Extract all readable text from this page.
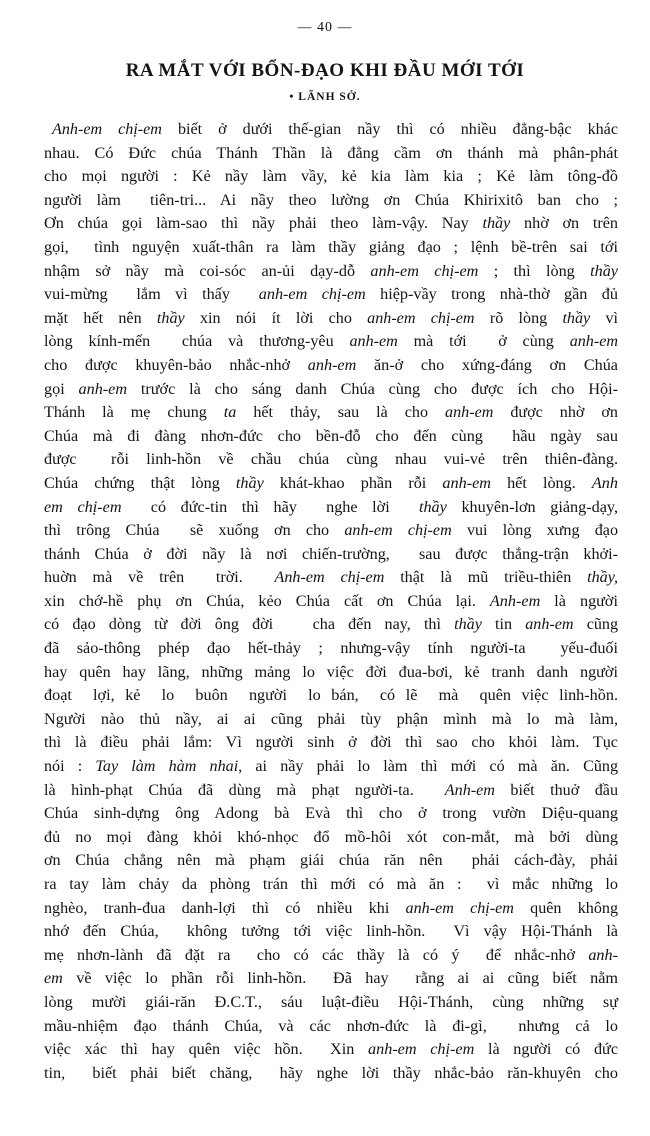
— 40 —
RA MẮT VỚI BỔN-ĐẠO KHI ĐẦU MỚI TỚI
• LÃNH SỞ.
Anh-em chị-em biết ở dưới thế-gian nầy thì có nhiều đẳng-bậc khác
nhau. Có Đức chúa Thánh Thần là đẳng cầm ơn thánh mà phân-phát
cho mọi người : Kẻ nầy làm vầy, kẻ kia làm kia ; Kẻ làm tông-đồ
người làm  tiên-tri... Ai nầy theo lường ơn Chúa Khirixitô ban cho ;
Ơn chúa gọi làm-sao thì nầy phải theo làm-vậy. Nay thầy nhờ ơn trên
gọi,  tình nguyện xuất-thân ra làm thầy giảng đạo ; lệnh bề-trên sai tới
nhậm sở nầy mà coi-sóc an-ủi dạy-dỗ anh-em chị-em ; thì lòng thầy
vui-mừng  lắm vì thấy  anh-em chị-em hiệp-vầy trong nhà-thờ gần đủ
mặt hết nên thầy xin nói ít lời cho anh-em chị-em rõ lòng thầy vì
lòng kính-mến  chúa và thương-yêu anh-em mà tới  ở cùng anh-em
cho được khuyên-bảo nhắc-nhở anh-em ăn-ở cho xứng-đáng ơn Chúa
gọi anh-em trước là cho sáng danh Chúa cùng cho được ích cho Hội-
Thánh là mẹ chung ta hết thảy, sau là cho anh-em được nhờ ơn
Chúa mà đi đàng nhơn-đức cho bền-đỗ cho đến cùng  hầu ngày sau
được  rỗi linh-hồn về chầu chúa cùng nhau vui-vẻ trên thiên-đàng.
Chúa chứng thật lòng thầy khát-khao phần rỗi anh-em hết lòng. Anh
em chị-em  có đức-tin thì hãy  nghe lời  thầy khuyên-lơn giảng-dạy,
thì trông Chúa  sẽ xuống ơn cho anh-em chị-em vui lòng xưng đạo
thánh Chúa ở đời nầy là nơi chiến-trường,  sau được thắng-trận khởi-
huờn mà về trên  trời.  Anh-em chị-em thật là mũ triều-thiên thầy,
xin chớ-hề phụ ơn Chúa, kẻo Chúa cất ơn Chúa lại. Anh-em là người
có đạo dòng từ đời ông đời   cha đến nay, thì thầy tin anh-em cũng
đã sảo-thông phép đạo hết-thảy ; nhưng-vậy tính người-ta  yếu-đuối
hay quên hay lãng, những mảng lo việc đời đua-bơi, kẻ tranh danh người
đoạt  lợi, kẻ  lo  buôn  người  lo bán,  có lẽ  mà  quên việc linh-hồn.
Người nào thủ nầy, ai ai cũng phải tùy phận mình mà lo mà làm,
thì là điều phải lắm: Vì người sinh ở đời thì sao cho khỏi làm. Tục
nói : Tay làm hàm nhai, ai nầy phải lo làm thì mới có mà ăn. Cũng
là hình-phạt Chúa đã dùng mà phạt người-ta.  Anh-em biết thuở đầu
Chúa sinh-dựng ông Adong bà Evà thì cho ở trong vườn Diệu-quang
đủ no mọi đàng khỏi khó-nhọc đổ mồ-hôi xót con-mắt, mà bởi dùng
ơn Chúa chẳng nên mà phạm giái chúa răn nên  phải cách-đày, phải
ra tay làm chảy da phòng trán thì mới có mà ăn :  vì mắc những lo
nghèo, tranh-đua danh-lợi thì có nhiều khi anh-em chị-em quên không
nhớ đến Chúa,  không tưởng tới việc linh-hồn.  Vì vậy Hội-Thánh là
mẹ nhơn-lành đã đặt ra  cho có các thầy là có ý  để nhắc-nhở anh-
em về việc lo phần rỗi linh-hồn.  Đã hay  rằng ai ai cũng biết nằm
lòng mười giái-răn Đ.C.T., sáu luật-điều Hội-Thánh, cùng những sự
mầu-nhiệm đạo thánh Chúa, và các nhơn-đức là đi-gì,  nhưng cả lo
việc xác thì hay quên việc hồn.  Xin anh-em chị-em là người có đức
tin,  biết phải biết chăng,  hãy nghe lời thầy nhắc-bảo răn-khuyên cho
